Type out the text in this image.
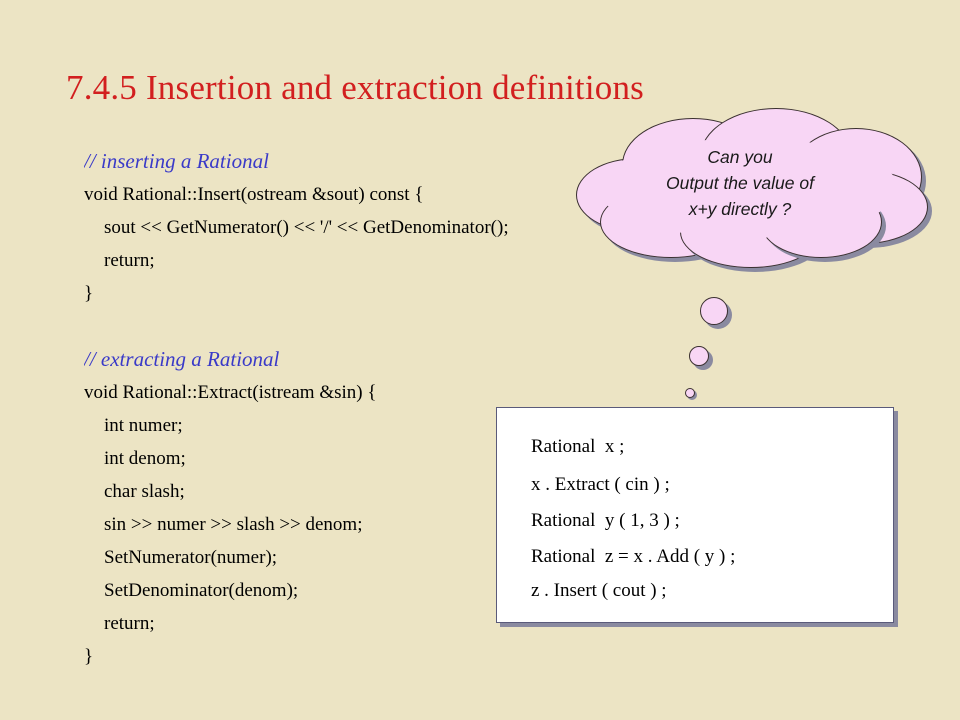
7.4.5 Insertion and extraction definitions
// inserting a Rational
void Rational::Insert(ostream &sout) const {
sout << GetNumerator() << '/' << GetDenominator();
return;
}
// extracting a Rational
void Rational::Extract(istream &sin) {
int numer;
int denom;
char slash;
sin >> numer >> slash >> denom;
SetNumerator(numer);
SetDenominator(denom);
return;
}
Can you
Output the value of
x+y directly ?
Rational  x ;
x . Extract ( cin ) ;
Rational  y ( 1, 3 ) ;
Rational  z = x . Add ( y ) ;
z . Insert ( cout ) ;
